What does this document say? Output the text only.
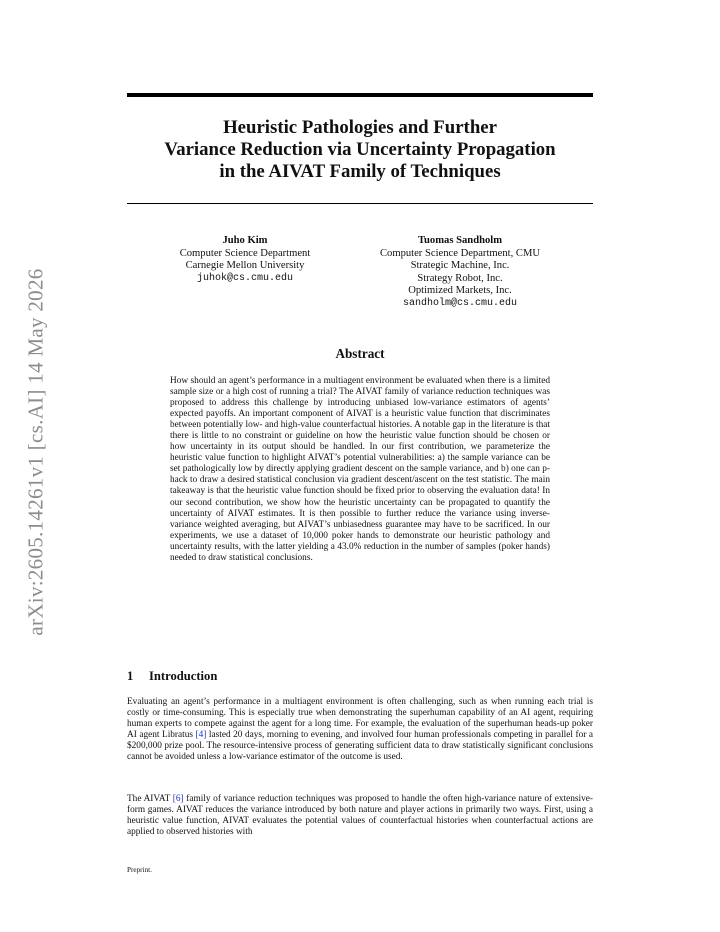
arXiv:2605.14261v1 [cs.AI] 14 May 2026
Heuristic Pathologies and Further
Variance Reduction via Uncertainty Propagation
in the AIVAT Family of Techniques
Juho Kim
Computer Science Department
Carnegie Mellon University
juhok@cs.cmu.edu
Tuomas Sandholm
Computer Science Department, CMU
Strategic Machine, Inc.
Strategy Robot, Inc.
Optimized Markets, Inc.
sandholm@cs.cmu.edu
Abstract

How should an agent’s performance in a multiagent environment be evaluated when there is a limited sample size or a high cost of running a trial? The AIVAT family of variance reduction techniques was proposed to address this challenge by introducing unbiased low-variance estimators of agents’ expected payoffs. An important component of AIVAT is a heuristic value function that discriminates between potentially low- and high-value counterfactual histories. A notable gap in the literature is that there is little to no constraint or guideline on how the heuristic value function should be chosen or how uncertainty in its output should be handled. In our first contribution, we parameterize the heuristic value function to highlight AIVAT’s potential vulnerabilities: a) the sample variance can be set pathologically low by directly applying gradient descent on the sample variance, and b) one can p-hack to draw a desired statistical conclusion via gradient descent/ascent on the test statistic. The main takeaway is that the heuristic value function should be fixed prior to observing the evaluation data! In our second contribution, we show how the heuristic uncertainty can be propagated to quantify the uncertainty of AIVAT estimates. It is then possible to further reduce the variance using inverse-variance weighted averaging, but AIVAT’s unbiasedness guarantee may have to be sacrificed. In our experiments, we use a dataset of 10,000 poker hands to demonstrate our heuristic pathology and uncertainty results, with the latter yielding a 43.0% reduction in the number of samples (poker hands) needed to draw statistical conclusions.

1 Introduction

Evaluating an agent’s performance in a multiagent environment is often challenging, such as when running each trial is costly or time-consuming. This is especially true when demonstrating the superhuman capability of an AI agent, requiring human experts to compete against the agent for a long time. For example, the evaluation of the superhuman heads-up poker AI agent Libratus [4] lasted 20 days, morning to evening, and involved four human professionals competing in parallel for a $200,000 prize pool. The resource-intensive process of generating sufficient data to draw statistically significant conclusions cannot be avoided unless a low-variance estimator of the outcome is used.

The AIVAT [6] family of variance reduction techniques was proposed to handle the often high-variance nature of extensive-form games. AIVAT reduces the variance introduced by both nature and player actions in primarily two ways. First, using a heuristic value function, AIVAT evaluates the potential values of counterfactual histories when counterfactual actions are applied to observed histories with

Preprint.
